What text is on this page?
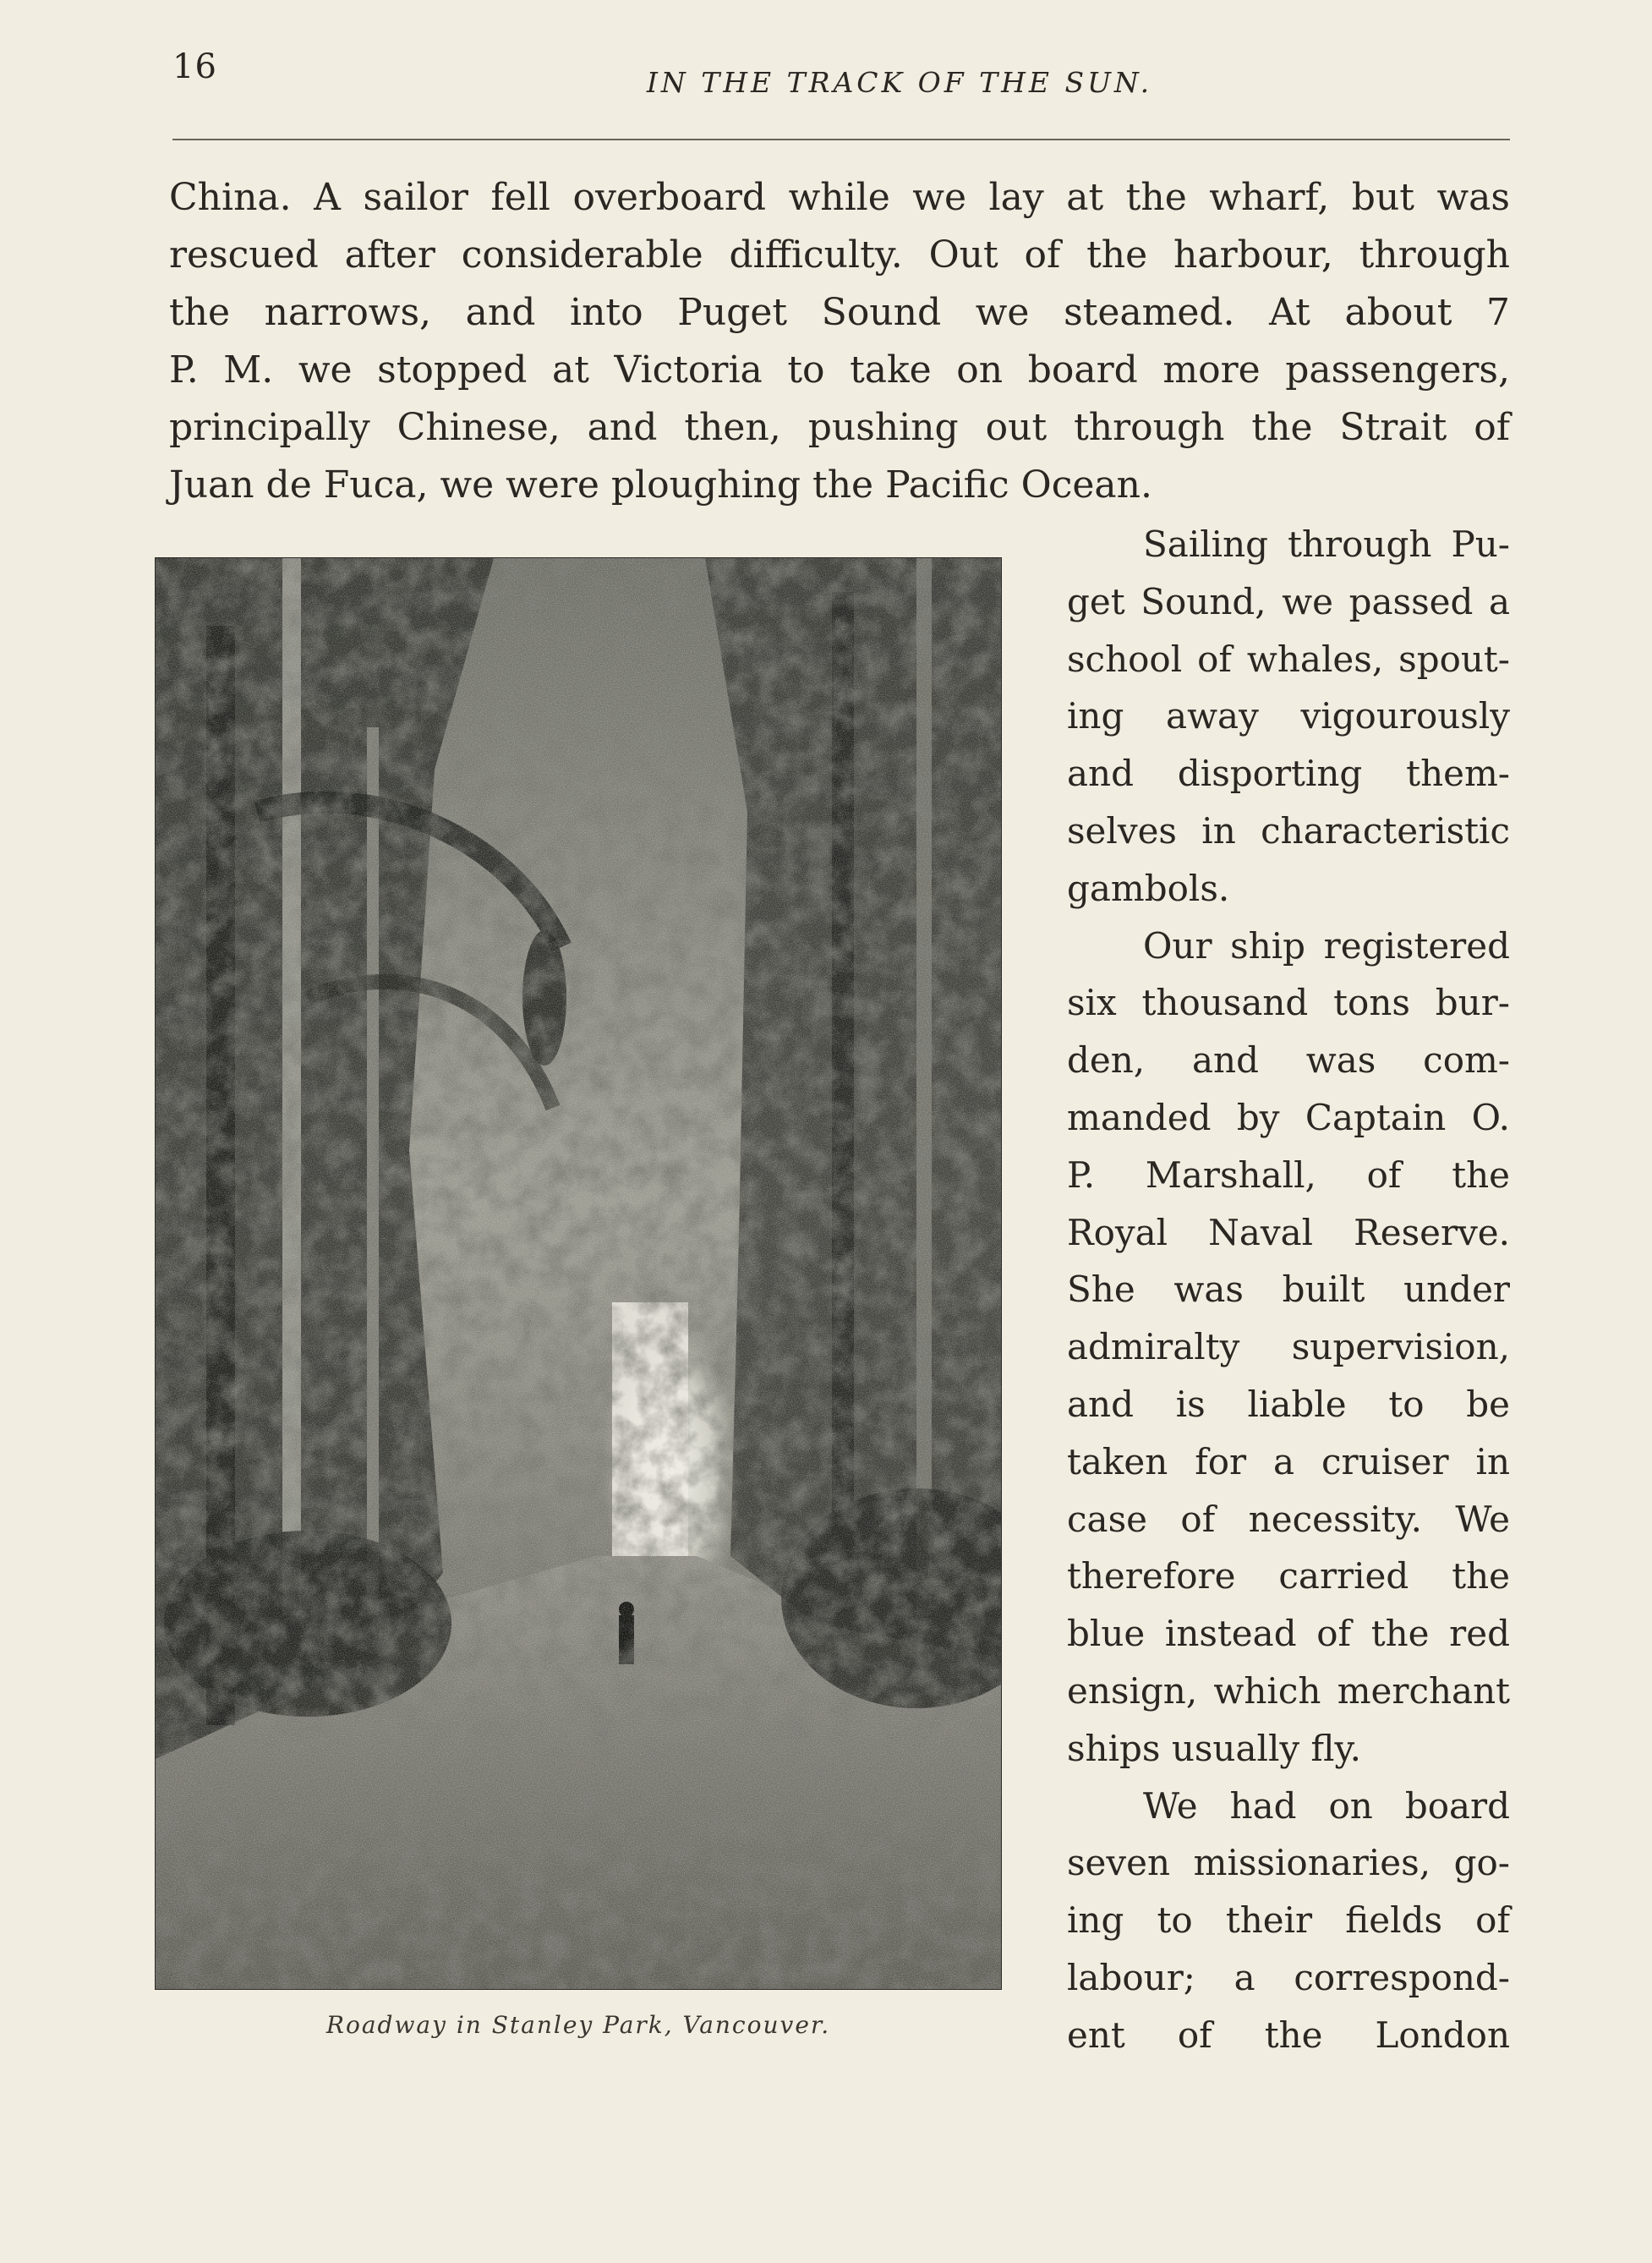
16	IN THE TRACK OF THE SUN.
China. A sailor fell overboard while we lay at the wharf, but was
rescued after considerable difficulty. Out of the harbour, through
the narrows, and into Puget Sound we steamed. At about 7
P. M. we stopped at Victoria to take on board more passengers,
principally Chinese, and then, pushing out through the Strait of
Juan de Fuca, we were ploughing the Pacific Ocean.
Roadway in Stanley Park, Vancouver.
Sailing through Pu-
get Sound, we passed a
school of whales, spout-
ing away vigourously
and disporting them-
selves in characteristic
gambols.
Our ship registered
six thousand tons bur-
den, and was com-
manded by Captain O.
P. Marshall, of the
Royal Naval Reserve.
She was built under
admiralty supervision,
and is liable to be
taken for a cruiser in
case of necessity. We
therefore carried the
blue instead of the red
ensign, which merchant
ships usually fly.
We had on board
seven missionaries, go-
ing to their fields of
labour; a correspond-
ent of the London
